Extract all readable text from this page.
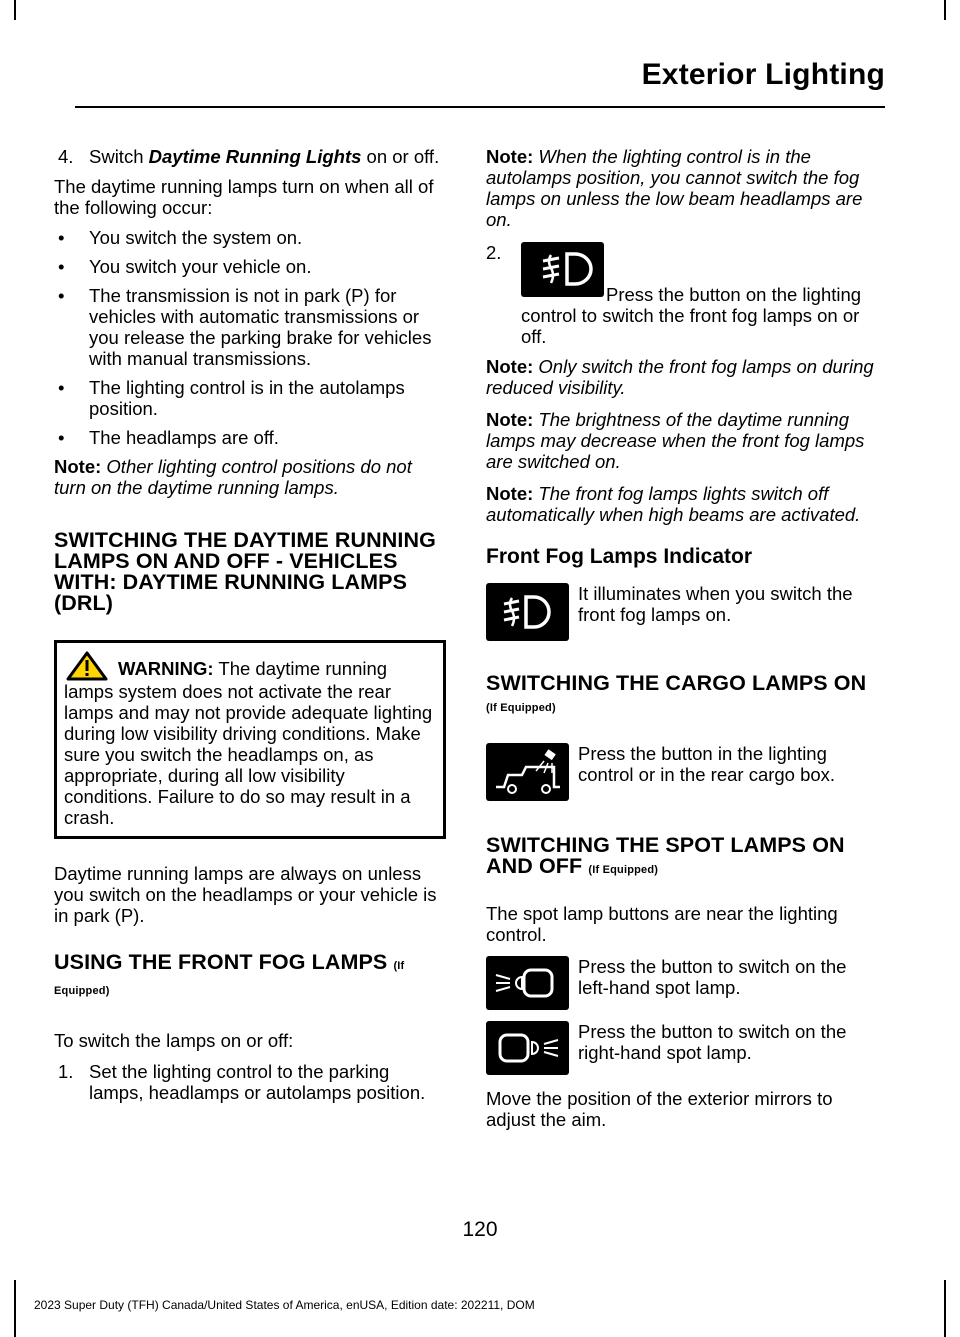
Exterior Lighting
4. Switch Daytime Running Lights on or off.

The daytime running lamps turn on when all of the following occur:

• You switch the system on.
• You switch your vehicle on.
• The transmission is not in park (P) for vehicles with automatic transmissions or you release the parking brake for vehicles with manual transmissions.
• The lighting control is in the autolamps position.
• The headlamps are off.

Note: Other lighting control positions do not turn on the daytime running lamps.

SWITCHING THE DAYTIME RUNNING LAMPS ON AND OFF - VEHICLES WITH: DAYTIME RUNNING LAMPS (DRL)

WARNING: The daytime running lamps system does not activate the rear lamps and may not provide adequate lighting during low visibility driving conditions. Make sure you switch the headlamps on, as appropriate, during all low visibility conditions. Failure to do so may result in a crash.

Daytime running lamps are always on unless you switch on the headlamps or your vehicle is in park (P).

USING THE FRONT FOG LAMPS (If
Equipped)

To switch the lamps on or off:

1. Set the lighting control to the parking lamps, headlamps or autolamps position.

Note: When the lighting control is in the autolamps position, you cannot switch the fog lamps on unless the low beam headlamps are on.

2.

Press the button on the lighting control to switch the front fog lamps on or off.

Note: Only switch the front fog lamps on during reduced visibility.

Note: The brightness of the daytime running lamps may decrease when the front fog lamps are switched on.

Note: The front fog lamps lights switch off automatically when high beams are activated.

Front Fog Lamps Indicator

It illuminates when you switch the front fog lamps on.

SWITCHING THE CARGO LAMPS ON (If Equipped)

Press the button in the lighting control or in the rear cargo box.

SWITCHING THE SPOT LAMPS ON
AND OFF (If Equipped)

The spot lamp buttons are near the lighting control.

Press the button to switch on the left-hand spot lamp.

Press the button to switch on the right-hand spot lamp.

Move the position of the exterior mirrors to adjust the aim.

120
2023 Super Duty (TFH) Canada/United States of America, enUSA, Edition date: 202211, DOM
